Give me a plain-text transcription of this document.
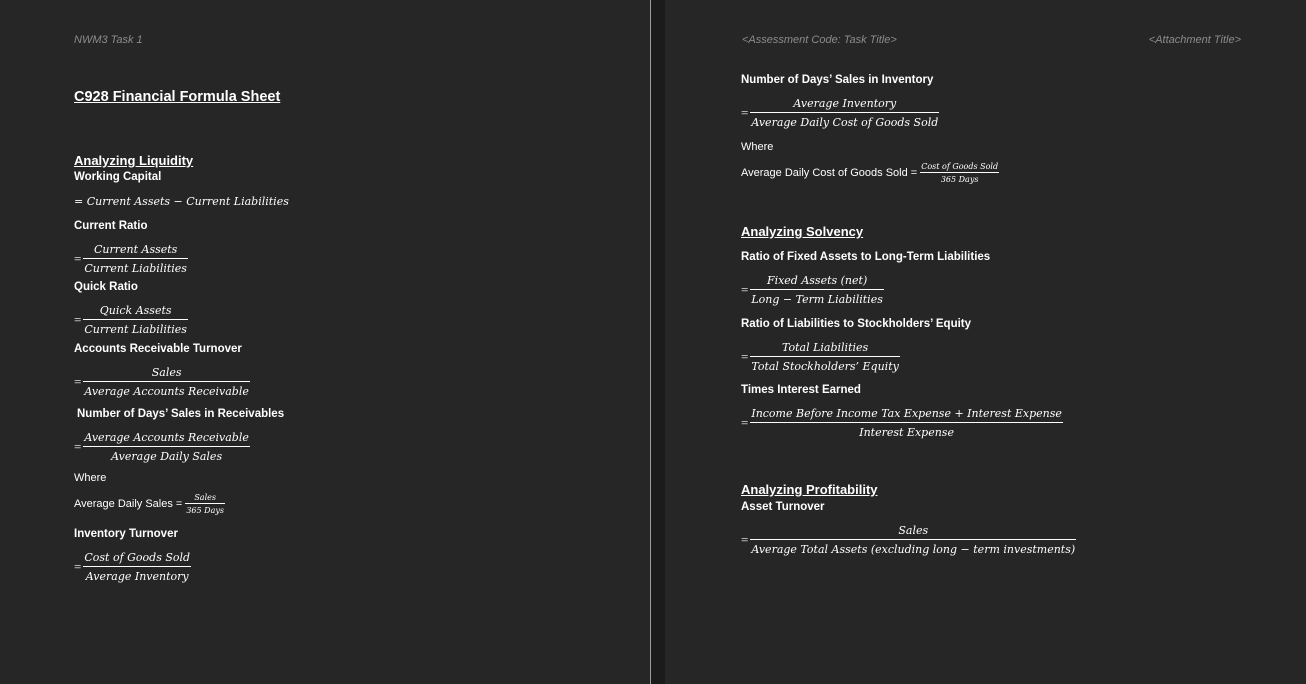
NWM3 Task 1
C928 Financial Formula Sheet
Analyzing Liquidity
Working Capital
= Current Assets − Current Liabilities
Current Ratio
= $\frac{\text{Current Assets}}{\text{Current Liabilities}}$
Quick Ratio
= $\frac{\text{Quick Assets}}{\text{Current Liabilities}}$
Accounts Receivable Turnover
= $\frac{\text{Sales}}{\text{Average Accounts Receivable}}$
Number of Days’ Sales in Receivables
= $\frac{\text{Average Accounts Receivable}}{\text{Average Daily Sales}}$
Where
Average Daily Sales = $\frac{\text{Sales}}{\text{365 Days}}$
Inventory Turnover
= $\frac{\text{Cost of Goods Sold}}{\text{Average Inventory}}$
<Assessment Code: Task Title>	<Attachment Title>
Number of Days’ Sales in Inventory
= $\frac{\text{Average Inventory}}{\text{Average Daily Cost of Goods Sold}}$
Where
Average Daily Cost of Goods Sold = $\frac{\text{Cost of Goods Sold}}{\text{365 Days}}$
Analyzing Solvency
Ratio of Fixed Assets to Long-Term Liabilities
= $\frac{\text{Fixed Assets (net)}}{\text{Long − Term Liabilities}}$
Ratio of Liabilities to Stockholders’ Equity
= $\frac{\text{Total Liabilities}}{\text{Total Stockholders’ Equity}}$
Times Interest Earned
= $\frac{\text{Income Before Income Tax Expense + Interest Expense}}{\text{Interest Expense}}$
Analyzing Profitability
Asset Turnover
= $\frac{\text{Sales}}{\text{Average Total Assets (excluding long − term investments)}}$
